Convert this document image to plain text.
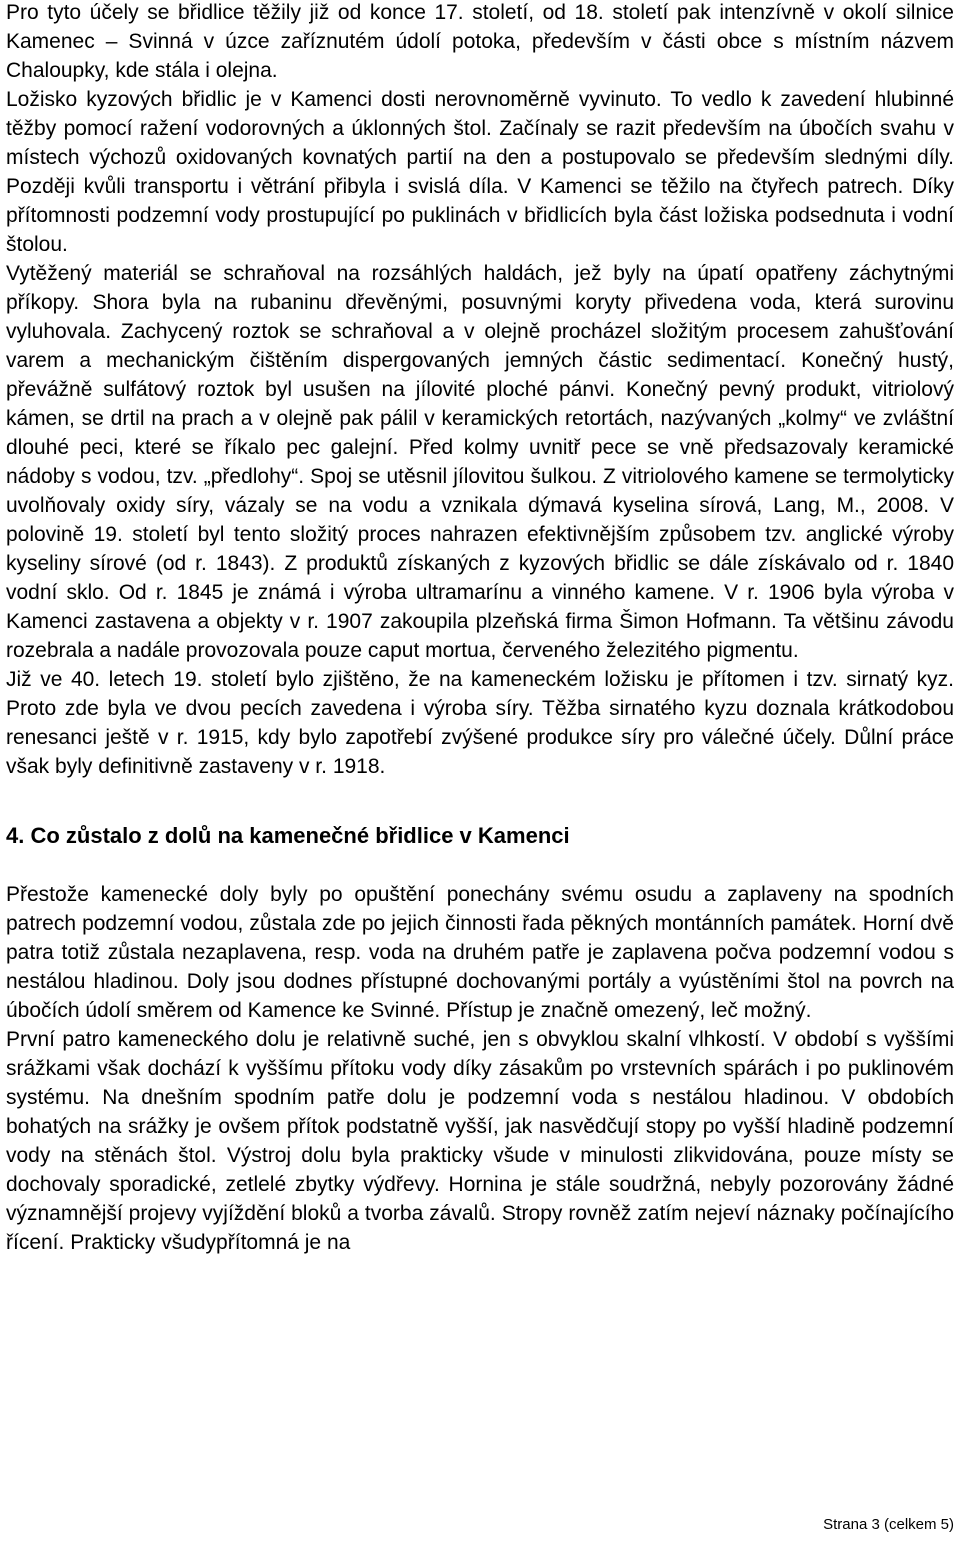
Pro tyto účely se břidlice těžily již od konce 17. století, od 18. století pak intenzívně v okolí silnice Kamenec – Svinná v úzce zaříznutém údolí potoka, především v části obce s místním názvem Chaloupky, kde stála i olejna.

Ložisko kyzových břidlic je v Kamenci dosti nerovnoměrně vyvinuto. To vedlo k zavedení hlubinné těžby pomocí ražení vodorovných a úklonných štol. Začínaly se razit především na úbočích svahu v místech výchozů oxidovaných kovnatých partií na den a postupovalo se především slednými díly. Později kvůli transportu i větrání přibyla i svislá díla. V Kamenci se těžilo na čtyřech patrech. Díky přítomnosti podzemní vody prostupující po puklinách v břidlicích byla část ložiska podsednuta i vodní štolou.

Vytěžený materiál se schraňoval na rozsáhlých haldách, jež byly na úpatí opatřeny záchytnými příkopy. Shora byla na rubaninu dřevěnými, posuvnými koryty přivedena voda, která surovinu vyluhovala. Zachycený roztok se schraňoval a v olejně procházel složitým procesem zahušťování varem a mechanickým čištěním dispergovaných jemných částic sedimentací. Konečný hustý, převážně sulfátový roztok byl usušen na jílovité ploché pánvi. Konečný pevný produkt, vitriolový kámen, se drtil na prach a v olejně pak pálil v keramických retortách, nazývaných „kolmy“ ve zvláštní dlouhé peci, které se říkalo pec galejní. Před kolmy uvnitř pece se vně předsazovaly keramické nádoby s vodou, tzv. „předlohy“. Spoj se utěsnil jílovitou šulkou. Z vitriolového kamene se termolyticky uvolňovaly oxidy síry, vázaly se na vodu a vznikala dýmavá kyselina sírová, Lang, M., 2008. V polovině 19. století byl tento složitý proces nahrazen efektivnějším způsobem tzv. anglické výroby kyseliny sírové (od r. 1843). Z produktů získaných z kyzových břidlic se dále získávalo od r. 1840 vodní sklo. Od r. 1845 je známá i výroba ultramarínu a vinného kamene. V r. 1906 byla výroba v Kamenci zastavena a objekty v r. 1907 zakoupila plzeňská firma Šimon Hofmann. Ta většinu závodu rozebrala a nadále provozovala pouze caput mortua, červeného železitého pigmentu.

Již ve 40. letech 19. století bylo zjištěno, že na kameneckém ložisku je přítomen i tzv. sirnatý kyz. Proto zde byla ve dvou pecích zavedena i výroba síry. Těžba sirnatého kyzu doznala krátkodobou renesanci ještě v r. 1915, kdy bylo zapotřebí zvýšené produkce síry pro válečné účely. Důlní práce však byly definitivně zastaveny v r. 1918.

4. Co zůstalo z dolů na kamenečné břidlice v Kamenci

Přestože kamenecké doly byly po opuštění ponechány svému osudu a zaplaveny na spodních patrech podzemní vodou, zůstala zde po jejich činnosti řada pěkných montánních památek. Horní dvě patra totiž zůstala nezaplavena, resp. voda na druhém patře je zaplavena počva podzemní vodou s nestálou hladinou. Doly jsou dodnes přístupné dochovanými portály a vyústěními štol na povrch na úbočích údolí směrem od Kamence ke Svinné. Přístup je značně omezený, leč možný.

První patro kameneckého dolu je relativně suché, jen s obvyklou skalní vlhkostí. V období s vyššími srážkami však dochází k vyššímu přítoku vody díky zásakům po vrstevních spárách i po puklinovém systému. Na dnešním spodním patře dolu je podzemní voda s nestálou hladinou. V obdobích bohatých na srážky je ovšem přítok podstatně vyšší, jak nasvědčují stopy po vyšší hladině podzemní vody na stěnách štol. Výstroj dolu byla prakticky všude v minulosti zlikvidována, pouze místy se dochovaly sporadické, zetlelé zbytky výdřevy. Hornina je stále soudržná, nebyly pozorovány žádné významnější projevy vyjíždění bloků a tvorba závalů. Stropy rovněž zatím nejeví náznaky počínajícího řícení. Prakticky všudypřítomná je na

Strana 3 (celkem 5)
